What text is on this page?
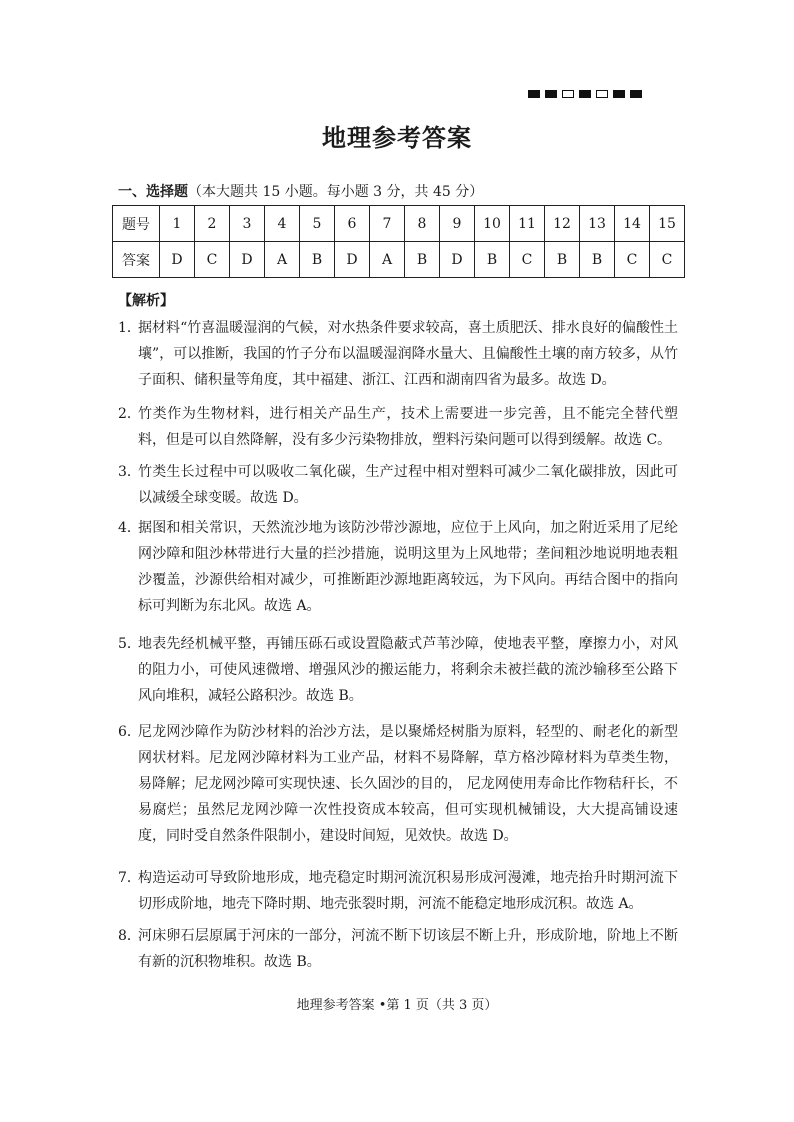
地理参考答案
一、选择题（本大题共 15 小题。每小题 3 分，共 45 分）
题号	1	2	3	4	5	6	7	8	9	10	11	12	13	14	15
答案	D	C	D	A	B	D	A	B	D	B	C	B	B	C	C
【解析】
1．
据材料“竹喜温暖湿润的气候，对水热条件要求较高，喜土质肥沃、排水良好的偏酸性土壤”，可以推断，我国的竹子分布以温暖湿润降水量大、且偏酸性土壤的南方较多，从竹子面积、储积量等角度，其中福建、浙江、江西和湖南四省为最多。故选 D。
2．
竹类作为生物材料，进行相关产品生产，技术上需要进一步完善，且不能完全替代塑料，但是可以自然降解，没有多少污染物排放，塑料污染问题可以得到缓解。故选 C。
3．
竹类生长过程中可以吸收二氧化碳，生产过程中相对塑料可减少二氧化碳排放，因此可以减缓全球变暖。故选 D。
4．
据图和相关常识，天然流沙地为该防沙带沙源地，应位于上风向，加之附近采用了尼纶网沙障和阻沙林带进行大量的拦沙措施，说明这里为上风地带；垄间粗沙地说明地表粗沙覆盖，沙源供给相对减少，可推断距沙源地距离较远，为下风向。再结合图中的指向标可判断为东北风。故选 A。
5．
地表先经机械平整，再铺压砾石或设置隐蔽式芦苇沙障，使地表平整，摩擦力小，对风的阻力小，可使风速微增、增强风沙的搬运能力，将剩余未被拦截的流沙输移至公路下风向堆积，减轻公路积沙。故选 B。
6．
尼龙网沙障作为防沙材料的治沙方法，是以聚烯烃树脂为原料，轻型的、耐老化的新型网状材料。尼龙网沙障材料为工业产品，材料不易降解，草方格沙障材料为草类生物，易降解；尼龙网沙障可实现快速、长久固沙的目的， 尼龙网使用寿命比作物秸秆长，不易腐烂；虽然尼龙网沙障一次性投资成本较高，但可实现机械铺设，大大提高铺设速度，同时受自然条件限制小，建设时间短，见效快。故选 D。
7．
构造运动可导致阶地形成，地壳稳定时期河流沉积易形成河漫滩，地壳抬升时期河流下切形成阶地，地壳下降时期、地壳张裂时期，河流不能稳定地形成沉积。故选 A。
8．
河床卵石层原属于河床的一部分，河流不断下切该层不断上升，形成阶地，阶地上不断有新的沉积物堆积。故选 B。
地理参考答案 •第 1 页（共 3 页）
